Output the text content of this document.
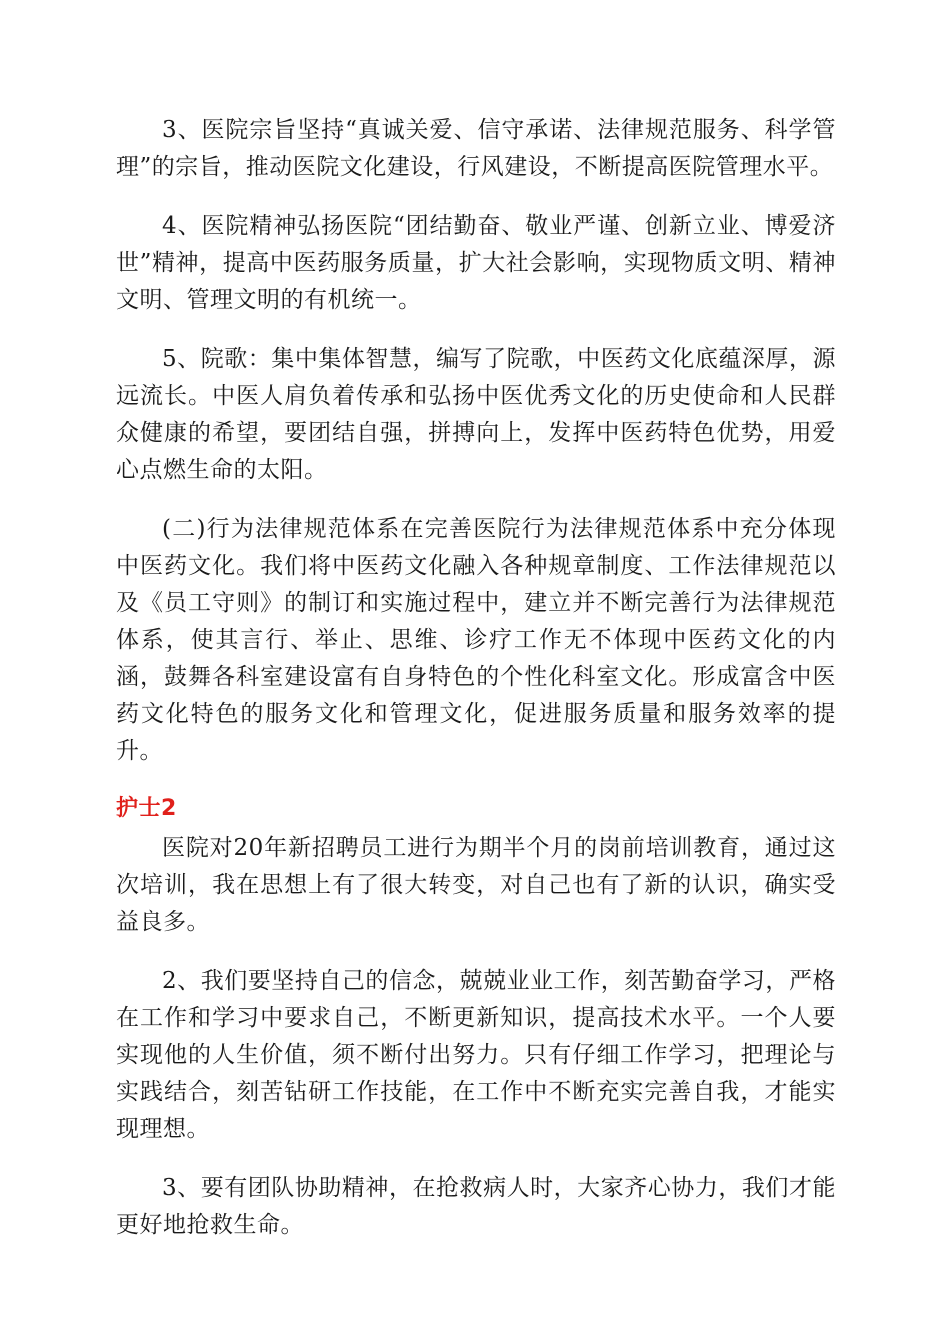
3、医院宗旨坚持“真诚关爱、信守承诺、法律规范服务、科学管理”的宗旨，推动医院文化建设，行风建设，不断提高医院管理水平。

4、医院精神弘扬医院“团结勤奋、敬业严谨、创新立业、博爱济世”精神，提高中医药服务质量，扩大社会影响，实现物质文明、精神文明、管理文明的有机统一。

5、院歌：集中集体智慧，编写了院歌，中医药文化底蕴深厚，源远流长。中医人肩负着传承和弘扬中医优秀文化的历史使命和人民群众健康的希望，要团结自强，拼搏向上，发挥中医药特色优势，用爱心点燃生命的太阳。

(二)行为法律规范体系在完善医院行为法律规范体系中充分体现中医药文化。我们将中医药文化融入各种规章制度、工作法律规范以及《员工守则》的制订和实施过程中，建立并不断完善行为法律规范体系，使其言行、举止、思维、诊疗工作无不体现中医药文化的内涵，鼓舞各科室建设富有自身特色的个性化科室文化。形成富含中医药文化特色的服务文化和管理文化，促进服务质量和服务效率的提升。

护士2

医院对20年新招聘员工进行为期半个月的岗前培训教育，通过这次培训，我在思想上有了很大转变，对自己也有了新的认识，确实受益良多。

2、我们要坚持自己的信念，兢兢业业工作，刻苦勤奋学习，严格在工作和学习中要求自己，不断更新知识，提高技术水平。一个人要实现他的人生价值，须不断付出努力。只有仔细工作学习，把理论与实践结合，刻苦钻研工作技能，在工作中不断充实完善自我，才能实现理想。

3、要有团队协助精神，在抢救病人时，大家齐心协力，我们才能更好地抢救生命。
